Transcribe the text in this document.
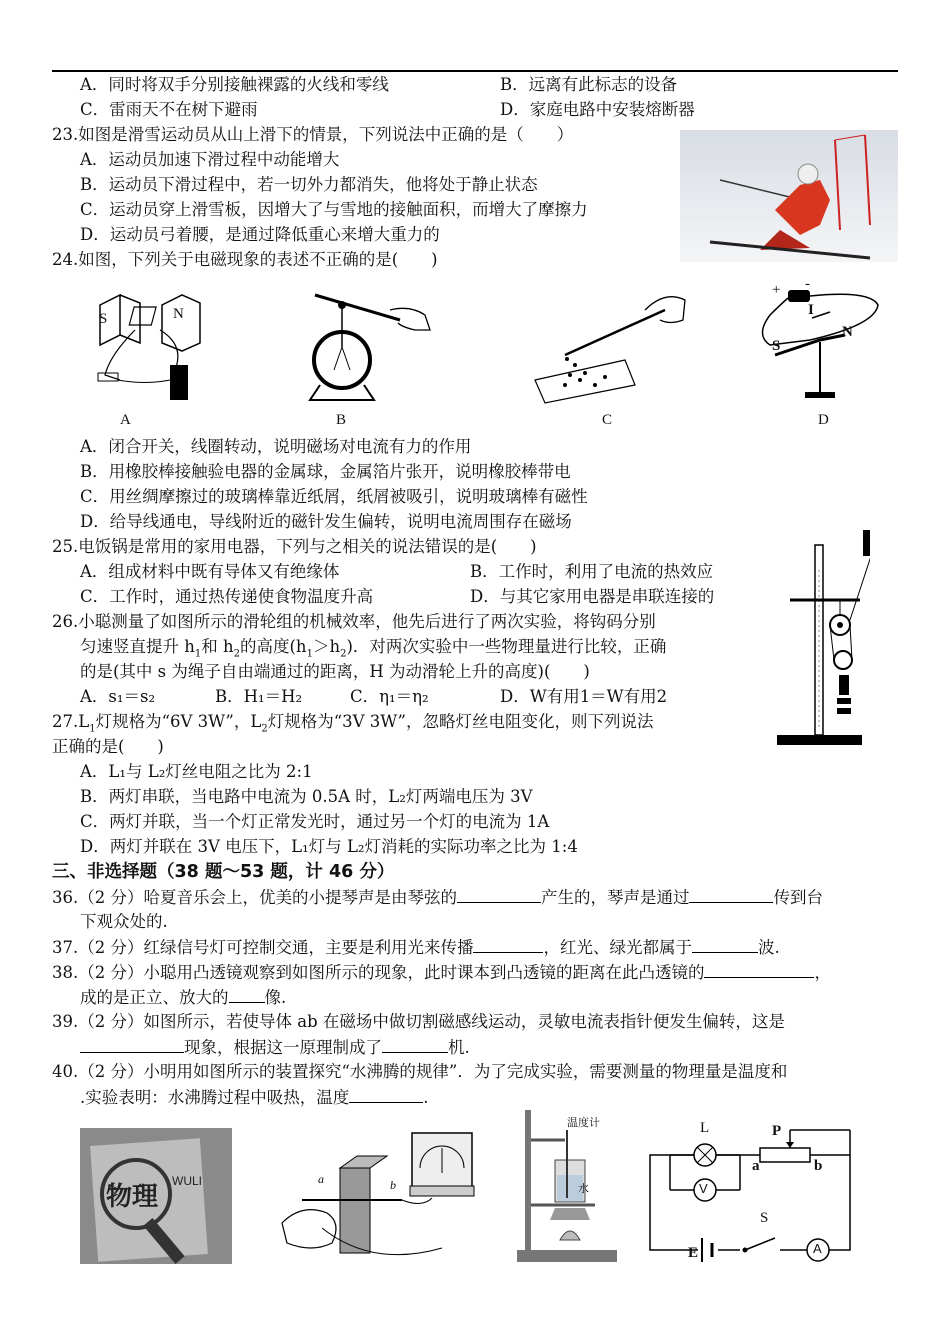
A．同时将双手分别接触裸露的火线和零线	B．远离有此标志的设备
C．雷雨天不在树下避雨	D．家庭电路中安装熔断器
23.如图是滑雪运动员从山上滑下的情景，下列说法中正确的是（　　）
A．运动员加速下滑过程中动能增大
B．运动员下滑过程中，若一切外力都消失，他将处于静止状态
C．运动员穿上滑雪板，因增大了与雪地的接触面积，而增大了摩擦力
D．运动员弓着腰，是通过降低重心来增大重力的
24.如图，下列关于电磁现象的表述不正确的是(　　)
S	N
+ -
I
S
N
A	B	C	D
A．闭合开关，线圈转动，说明磁场对电流有力的作用
B．用橡胶棒接触验电器的金属球，金属箔片张开，说明橡胶棒带电
C．用丝绸摩擦过的玻璃棒靠近纸屑，纸屑被吸引，说明玻璃棒有磁性
D．给导线通电，导线附近的磁针发生偏转，说明电流周围存在磁场
25.电饭锅是常用的家用电器，下列与之相关的说法错误的是(　　)
A．组成材料中既有导体又有绝缘体	B．工作时，利用了电流的热效应
C．工作时，通过热传递使食物温度升高	D．与其它家用电器是串联连接的
26.小聪测量了如图所示的滑轮组的机械效率，他先后进行了两次实验，将钩码分别
匀速竖直提升 $h_1$和 $h_2$的高度$(h_1>h_2)$．对两次实验中一些物理量进行比较，正确
的是(其中 s 为绳子自由端通过的距离，H 为动滑轮上升的高度)(　　)
A．s₁＝s₂	B．H₁＝H₂	C．η₁＝η₂	D．W有用1＝W有用2
$27.L_1$灯规格为“6V 3W”，$L_2$灯规格为“3V 3W”，忽略灯丝电阻变化，则下列说法
正确的是(　　)
A．L₁与 L₂灯丝电阻之比为 2:1
B．两灯串联，当电路中电流为 0.5A 时，L₂灯两端电压为 3V
C．两灯并联，当一个灯正常发光时，通过另一个灯的电流为 1A
D．两灯并联在 3V 电压下，L₁灯与 L₂灯消耗的实际功率之比为 1:4
三、非选择题（38 题～53 题，计 46 分）
36.（2 分）哈夏音乐会上，优美的小提琴声是由琴弦的	产生的，琴声是通过	传到台
下观众处的.
37.（2 分）红绿信号灯可控制交通，主要是利用光来传播	，红光、绿光都属于	波.
38.（2 分）小聪用凸透镜观察到如图所示的现象，此时课本到凸透镜的距离在此凸透镜的	，
成的是正立、放大的 像.
39.（2 分）如图所示，若使导体 ab 在磁场中做切割磁感线运动，灵敏电流表指针便发生偏转，这是
现象，根据这一原理制成了	机.
40.（2 分）小明用如图所示的装置探究“水沸腾的规律”．为了完成实验，需要测量的物理量是温度和
.实验表明：水沸腾过程中吸热，温度	.
物理
WULI	a	b
温度计
水
L	P
a	b
V
S
E	A
